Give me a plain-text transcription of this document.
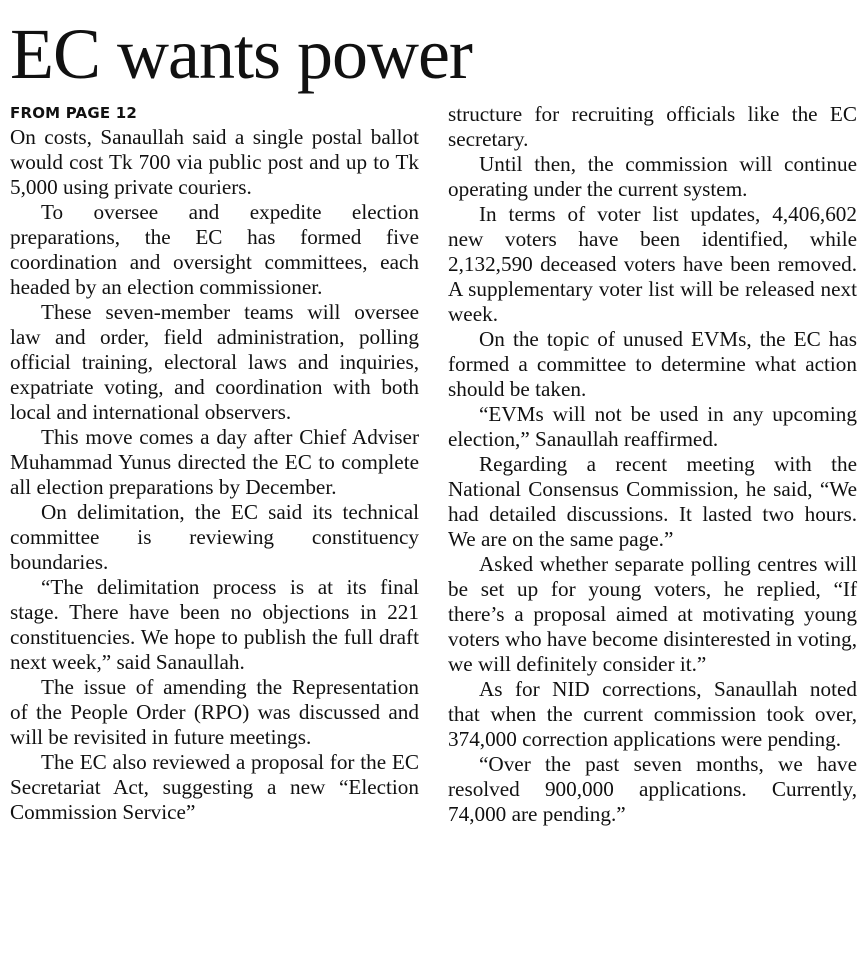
EC wants power
FROM PAGE 12

On costs, Sanaullah said a single postal ballot would cost Tk 700 via public post and up to Tk 5,000 using private couriers.

To oversee and expedite election preparations, the EC has formed five coordination and oversight committees, each headed by an election commissioner.

These seven-member teams will oversee law and order, field administration, polling official training, electoral laws and inquiries, expatriate voting, and coordination with both local and international observers.

This move comes a day after Chief Adviser Muhammad Yunus directed the EC to complete all election preparations by December.

On delimitation, the EC said its technical committee is reviewing constituency boundaries.

“The delimitation process is at its final stage. There have been no objections in 221 constituencies. We hope to publish the full draft next week,” said Sanaullah.

The issue of amending the Representation of the People Order (RPO) was discussed and will be revisited in future meetings.

The EC also reviewed a proposal for the EC Secretariat Act, suggesting a new “Election Commission Service”

structure for recruiting officials like the EC secretary.

Until then, the commission will continue operating under the current system.

In terms of voter list updates, 4,406,602 new voters have been identified, while 2,132,590 deceased voters have been removed. A supplementary voter list will be released next week.

On the topic of unused EVMs, the EC has formed a committee to determine what action should be taken.

“EVMs will not be used in any upcoming election,” Sanaullah reaffirmed.

Regarding a recent meeting with the National Consensus Commission, he said, “We had detailed discussions. It lasted two hours. We are on the same page.”

Asked whether separate polling centres will be set up for young voters, he replied, “If there’s a proposal aimed at motivating young voters who have become disinterested in voting, we will definitely consider it.”

As for NID corrections, Sanaullah noted that when the current commission took over, 374,000 correction applications were pending.

“Over the past seven months, we have resolved 900,000 applications. Currently, 74,000 are pending.”
